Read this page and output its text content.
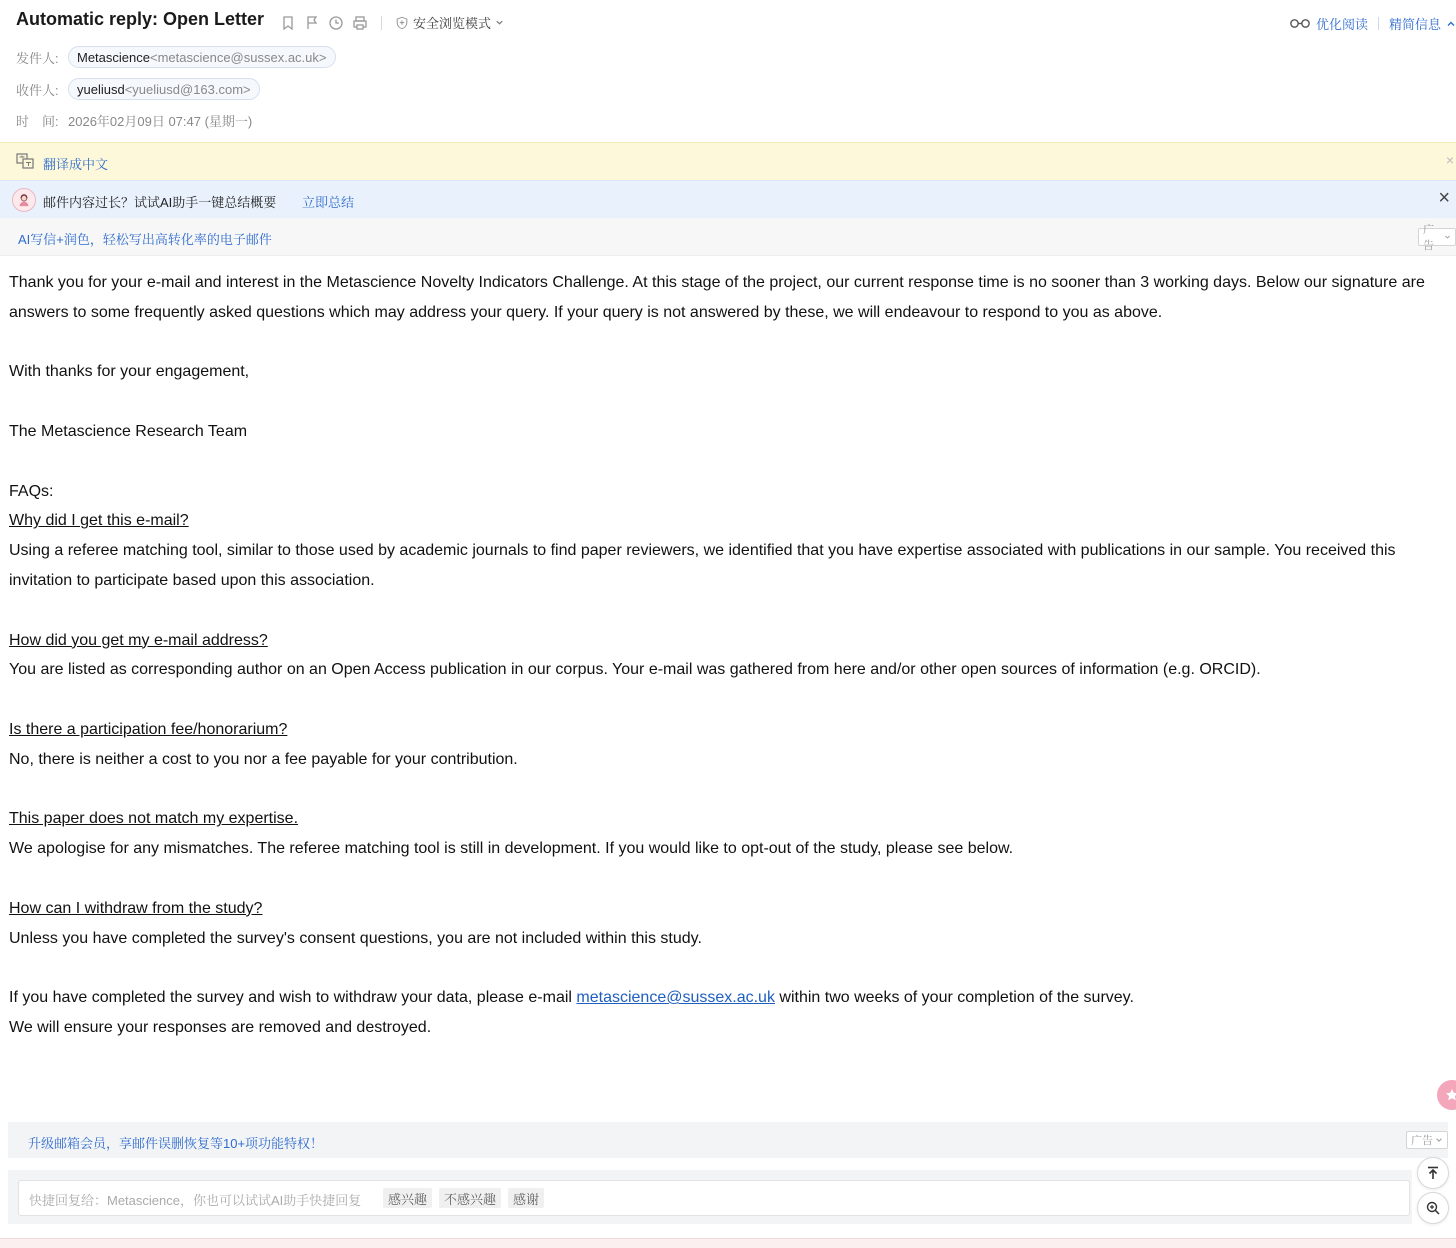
Automatic reply: Open Letter	安全浏览模式	优化阅读 精简信息
发件人:	Metascience <metascience@sussex.ac.uk>
收件人:	yueliusd <yueliusd@163.com>
时　间: 2026年02月09日 07:47 (星期一)
翻译成中文	×
邮件内容过长？试试AI助手一键总结概要 立即总结	×
AI写信+润色，轻松写出高转化率的电子邮件
广告

Thank you for your e-mail and interest in the Metascience Novelty Indicators Challenge. At this stage of the project, our current response time is no sooner than 3 working days. Below our signature are answers to some frequently asked questions which may address your query. If your query is not answered by these, we will endeavour to respond to you as above.

With thanks for your engagement,

The Metascience Research Team

FAQs:

Why did I get this e-mail?

Using a referee matching tool, similar to those used by academic journals to find paper reviewers, we identified that you have expertise associated with publications in our sample. You received this invitation to participate based upon this association.

How did you get my e-mail address?

You are listed as corresponding author on an Open Access publication in our corpus. Your e-mail was gathered from here and/or other open sources of information (e.g. ORCID).

Is there a participation fee/honorarium?

No, there is neither a cost to you nor a fee payable for your contribution.

This paper does not match my expertise.

We apologise for any mismatches. The referee matching tool is still in development. If you would like to opt-out of the study, please see below.

How can I withdraw from the study?

Unless you have completed the survey's consent questions, you are not included within this study.

If you have completed the survey and wish to withdraw your data, please e-mail metascience@sussex.ac.uk within two weeks of your completion of the survey.

We will ensure your responses are removed and destroyed.

升级邮箱会员，享邮件误删恢复等10+项功能特权！	广告
快捷回复给：Metascience，你也可以试试AI助手快捷回复	感兴趣	不感兴趣	感谢
